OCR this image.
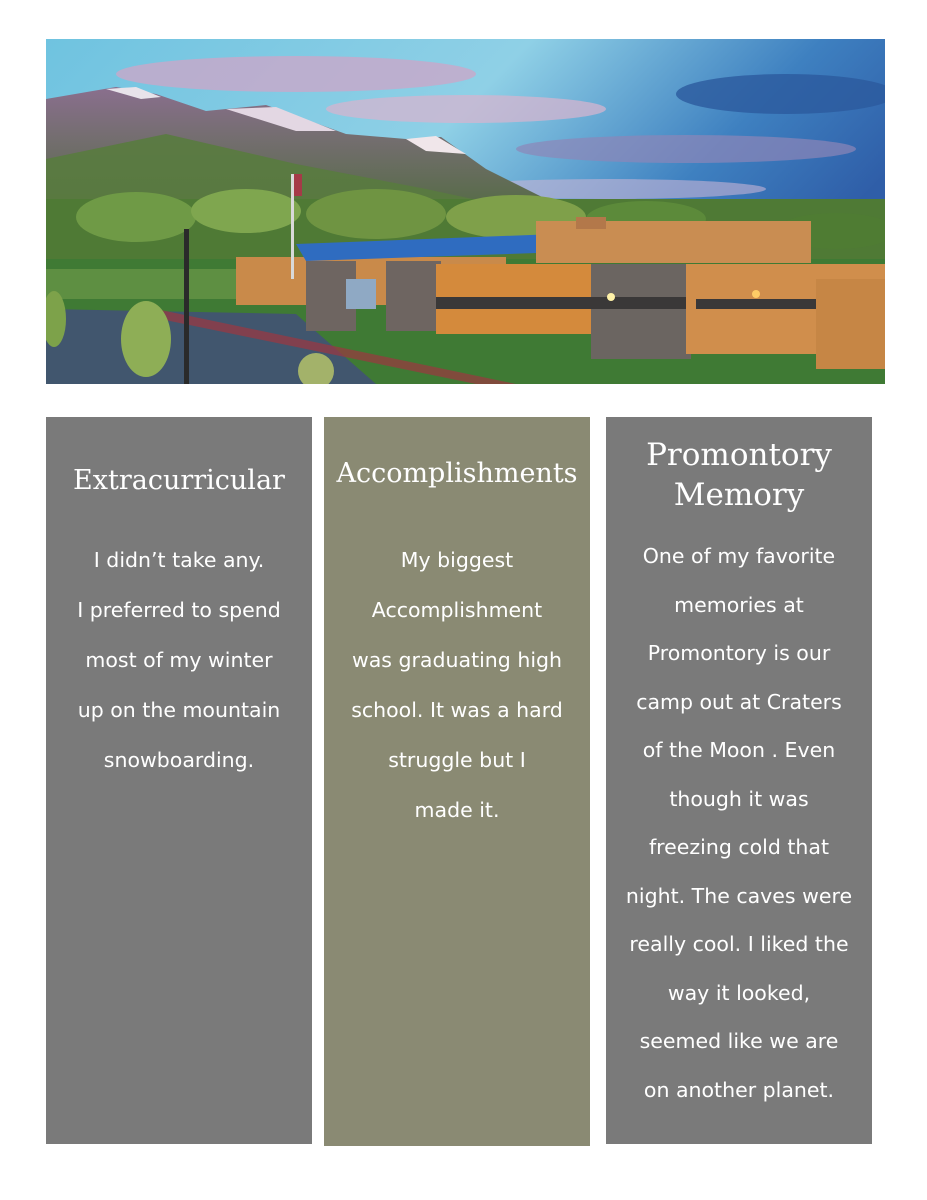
Extracurricular

I didn’t take any.
I preferred to spend
most of my winter
up on the mountain
snowboarding.

Accomplishments

My biggest
Accomplishment
was graduating high
school. It was a hard
struggle but I
made it.

Promontory
Memory

One of my favorite
memories at
Promontory is our
camp out at Craters
of the Moon . Even
though it was
freezing cold that
night. The caves were
really cool. I liked the
way it looked,
seemed like we are
on another planet.
